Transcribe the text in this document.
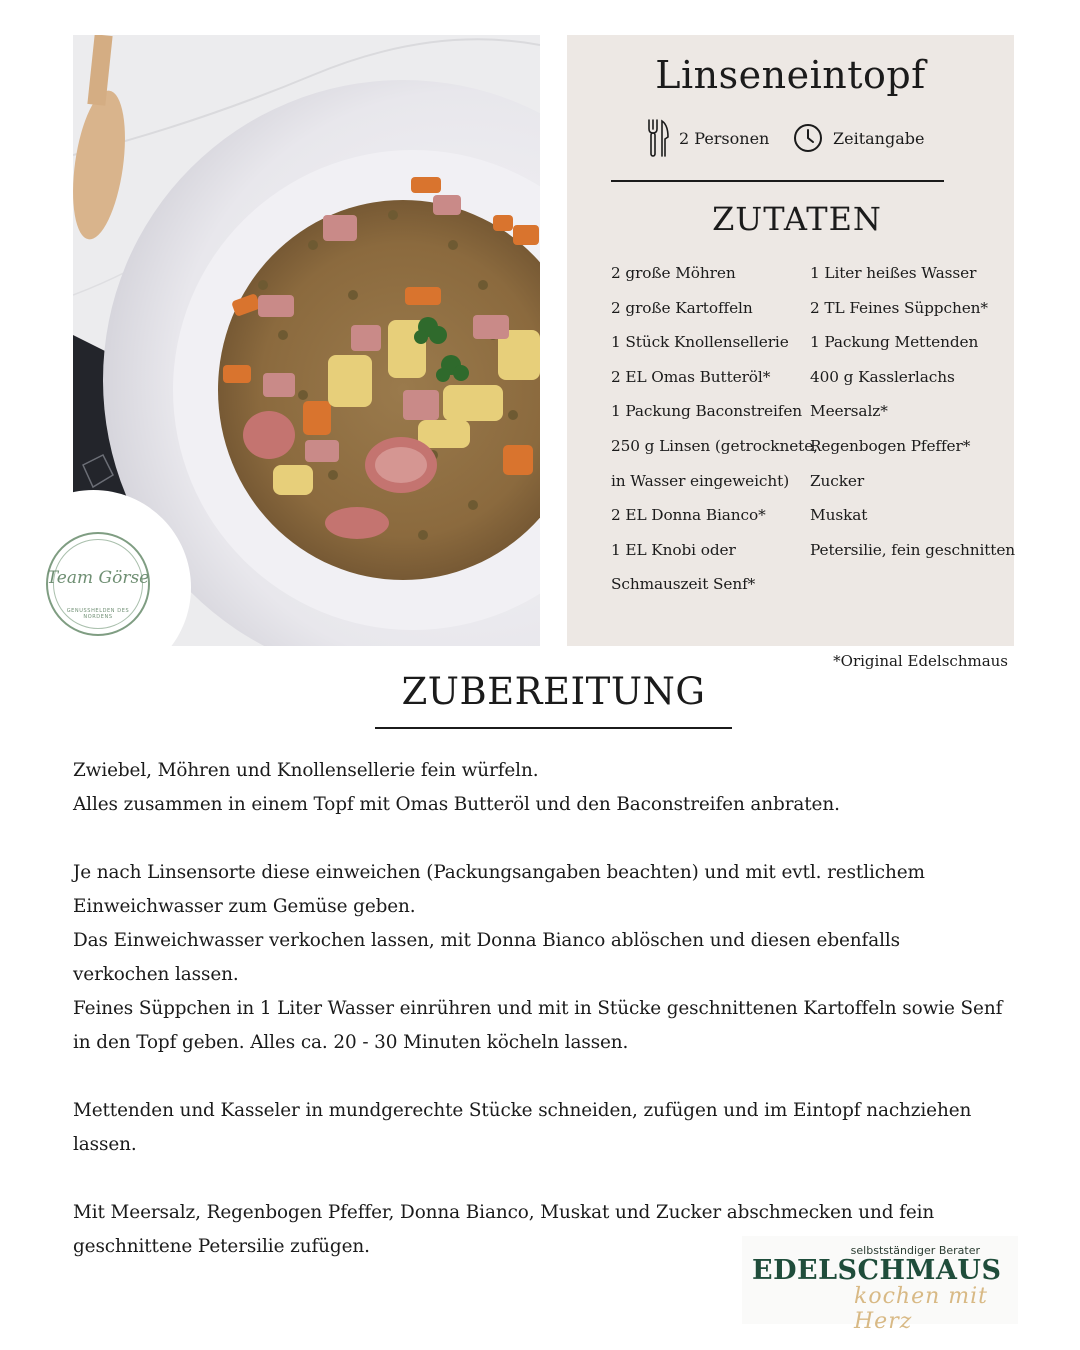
Team Görse
GENUSSHELDEN DES NORDENS
Linseneintopf
2 Personen	Zeitangabe
ZUTATEN
2 große Möhren
2 große Kartoffeln
1 Stück Knollensellerie
2 EL Omas Butteröl*
1 Packung Baconstreifen
250 g Linsen (getrocknete,
in Wasser eingeweicht)
2 EL Donna Bianco*
1 EL Knobi oder
Schmauszeit Senf*
1 Liter heißes Wasser
2 TL Feines Süppchen*
1 Packung Mettenden
400 g Kasslerlachs
Meersalz*
Regenbogen Pfeffer*
Zucker
Muskat
Petersilie, fein geschnitten
*Original Edelschmaus
ZUBEREITUNG

Zwiebel, Möhren und Knollensellerie fein würfeln.
Alles zusammen in einem Topf mit Omas Butteröl und den Baconstreifen anbraten.

Je nach Linsensorte diese einweichen (Packungsangaben beachten) und mit evtl. restlichem
Einweichwasser zum Gemüse geben.
Das Einweichwasser verkochen lassen, mit Donna Bianco ablöschen und diesen ebenfalls
verkochen lassen.
Feines Süppchen in 1 Liter Wasser einrühren und mit in Stücke geschnittenen Kartoffeln sowie Senf
in den Topf geben. Alles ca. 20 - 30 Minuten köcheln lassen.

Mettenden und Kasseler in mundgerechte Stücke schneiden, zufügen und im Eintopf nachziehen
lassen.

Mit Meersalz, Regenbogen Pfeffer, Donna Bianco, Muskat und Zucker abschmecken und fein
geschnittene Petersilie zufügen.	selbstständiger Berater
EDELSCHMAUS
kochen mit Herz
